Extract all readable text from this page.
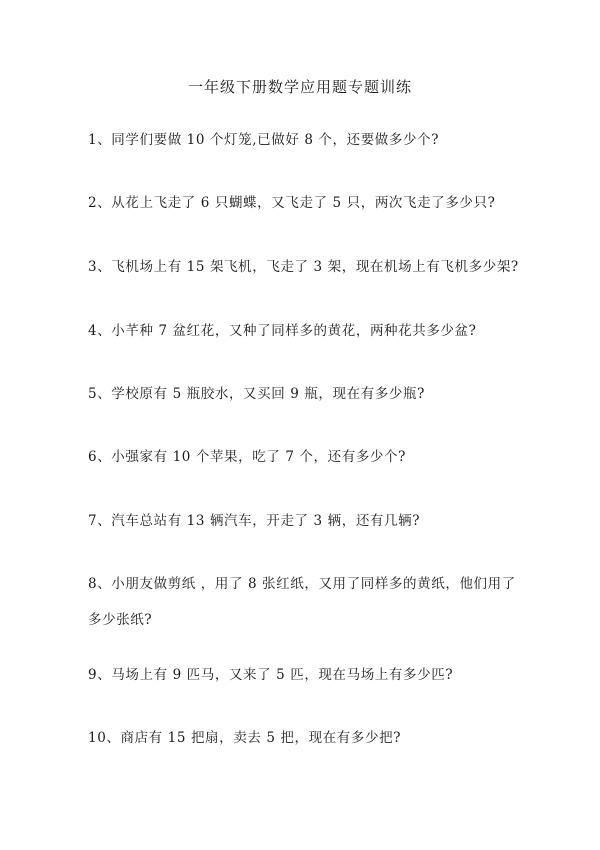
一年级下册数学应用题专题训练
1、同学们要做 10 个灯笼,已做好 8 个，还要做多少个?
2、从花上飞走了 6 只蝴蝶，又飞走了 5 只，两次飞走了多少只?
3、飞机场上有 15 架飞机，飞走了 3 架，现在机场上有飞机多少架?
4、小芊种 7 盆红花，又种了同样多的黄花，两种花共多少盆?
5、学校原有 5 瓶胶水，又买回 9 瓶，现在有多少瓶?
6、小强家有 10 个苹果，吃了 7 个，还有多少个?
7、汽车总站有 13 辆汽车，开走了 3 辆，还有几辆?
8、小朋友做剪纸 ，用了 8 张红纸，又用了同样多的黄纸，他们用了
多少张纸?
9、马场上有 9 匹马，又来了 5 匹，现在马场上有多少匹?
10、商店有 15 把扇，卖去 5 把，现在有多少把?
